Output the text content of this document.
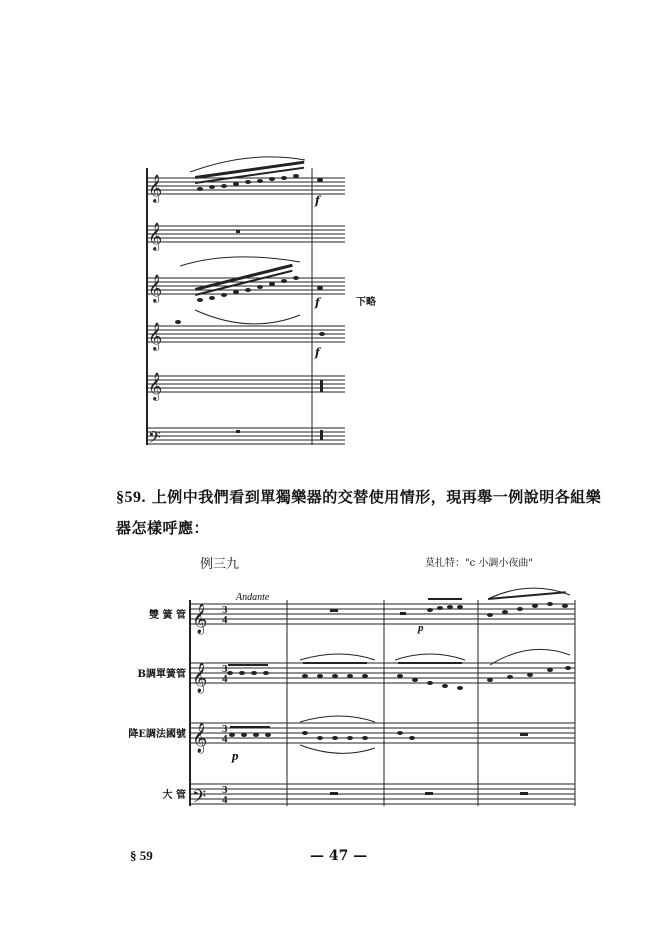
𝄞
𝄞
𝄞
𝄞
𝄞
𝄢
f
f
f
下略
§59. 上例中我們看到單獨樂器的交替使用情形，現再舉一例說明各組樂器怎樣呼應：
例三九	莫扎特："c 小調小夜曲"
Andante
雙 簧 管
B調單簧管
降E調法國號
大 管
𝄞
𝄞
𝄞
𝄢
3
4
3
4
3
4
3
4
p
p
§ 59	— 47 —
